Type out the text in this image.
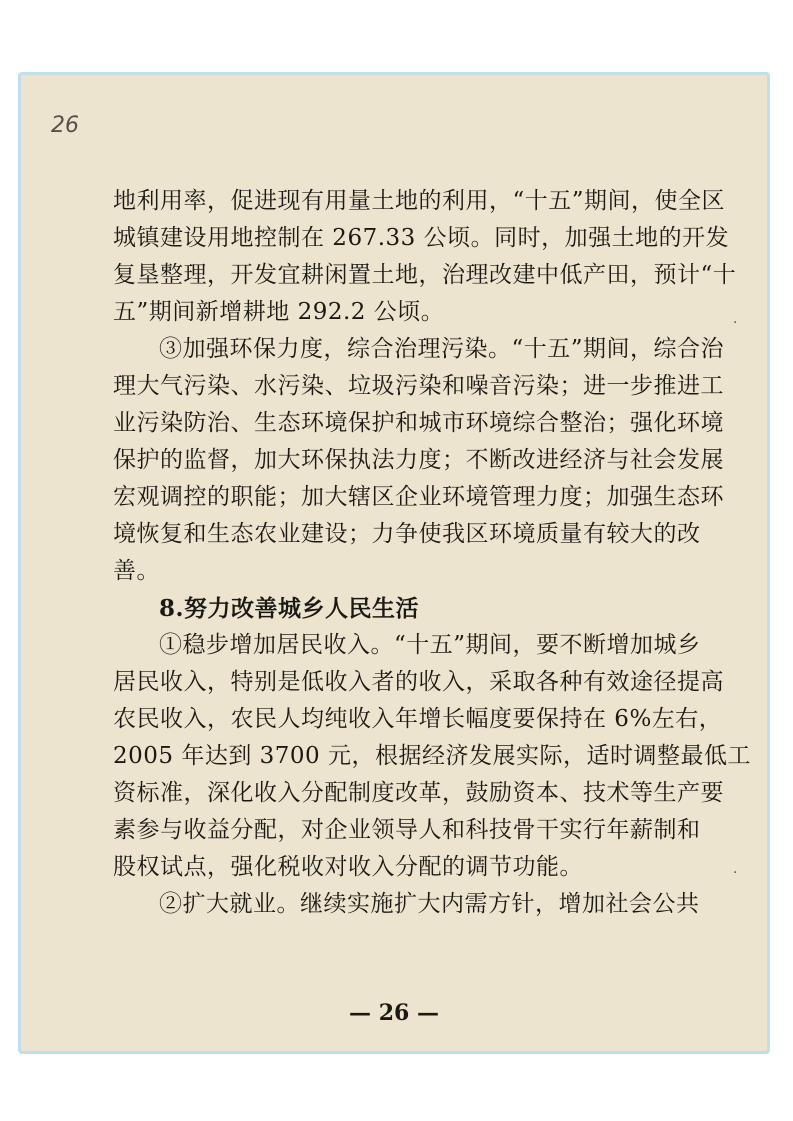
26
地利用率，促进现有用量土地的利用，“十五”期间，使全区
城镇建设用地控制在 267.33 公顷。同时，加强土地的开发
复垦整理，开发宜耕闲置土地，治理改建中低产田，预计“十
五”期间新增耕地 292.2 公顷。
③加强环保力度，综合治理污染。“十五”期间，综合治
理大气污染、水污染、垃圾污染和噪音污染；进一步推进工
业污染防治、生态环境保护和城市环境综合整治；强化环境
保护的监督，加大环保执法力度；不断改进经济与社会发展
宏观调控的职能；加大辖区企业环境管理力度；加强生态环
境恢复和生态农业建设；力争使我区环境质量有较大的改
善。
8.努力改善城乡人民生活
①稳步增加居民收入。“十五”期间，要不断增加城乡
居民收入，特别是低收入者的收入，采取各种有效途径提高
农民收入，农民人均纯收入年增长幅度要保持在 6%左右，
2005 年达到 3700 元，根据经济发展实际，适时调整最低工
资标准，深化收入分配制度改革，鼓励资本、技术等生产要
素参与收益分配，对企业领导人和科技骨干实行年薪制和
股权试点，强化税收对收入分配的调节功能。
②扩大就业。继续实施扩大内需方针，增加社会公共
— 26 —
·
·
